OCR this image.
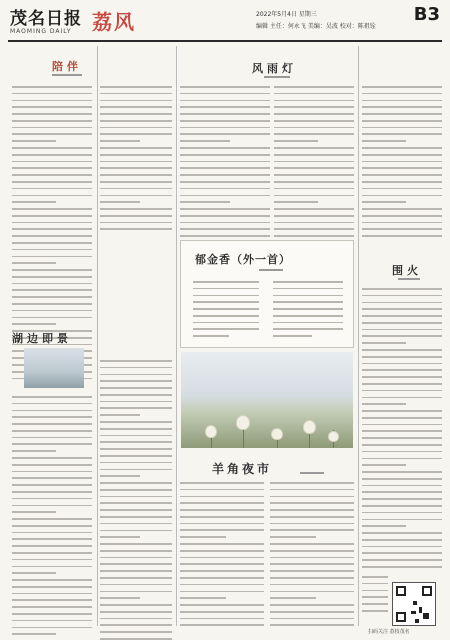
茂名日报
MAOMING DAILY 荔风	2022年5月4日 星期三
编辑 主任：何永飞 美编：吴波 校对：陈祖铨
B3
陪伴	风雨灯
郁金香（外一首）
湖边即景
羊角夜市
围火
扫码关注 荔枝茂名
